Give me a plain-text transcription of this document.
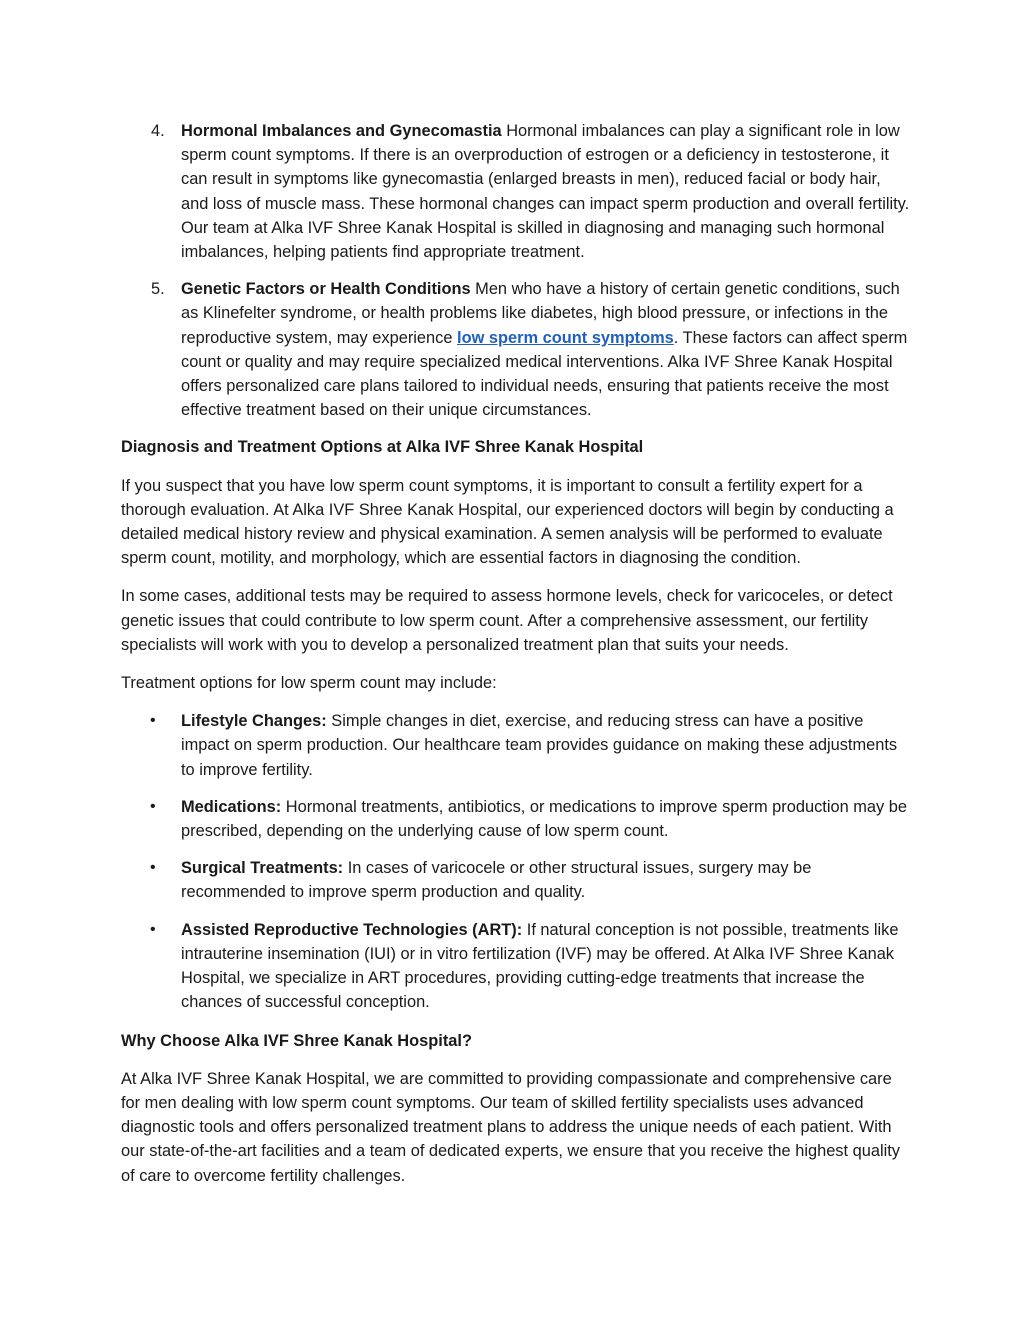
4. Hormonal Imbalances and Gynecomastia Hormonal imbalances can play a significant role in low sperm count symptoms. If there is an overproduction of estrogen or a deficiency in testosterone, it can result in symptoms like gynecomastia (enlarged breasts in men), reduced facial or body hair, and loss of muscle mass. These hormonal changes can impact sperm production and overall fertility. Our team at Alka IVF Shree Kanak Hospital is skilled in diagnosing and managing such hormonal imbalances, helping patients find appropriate treatment.
5. Genetic Factors or Health Conditions Men who have a history of certain genetic conditions, such as Klinefelter syndrome, or health problems like diabetes, high blood pressure, or infections in the reproductive system, may experience low sperm count symptoms. These factors can affect sperm count or quality and may require specialized medical interventions. Alka IVF Shree Kanak Hospital offers personalized care plans tailored to individual needs, ensuring that patients receive the most effective treatment based on their unique circumstances.
Diagnosis and Treatment Options at Alka IVF Shree Kanak Hospital

If you suspect that you have low sperm count symptoms, it is important to consult a fertility expert for a thorough evaluation. At Alka IVF Shree Kanak Hospital, our experienced doctors will begin by conducting a detailed medical history review and physical examination. A semen analysis will be performed to evaluate sperm count, motility, and morphology, which are essential factors in diagnosing the condition.

In some cases, additional tests may be required to assess hormone levels, check for varicoceles, or detect genetic issues that could contribute to low sperm count. After a comprehensive assessment, our fertility specialists will work with you to develop a personalized treatment plan that suits your needs.

Treatment options for low sperm count may include:

• Lifestyle Changes: Simple changes in diet, exercise, and reducing stress can have a positive impact on sperm production. Our healthcare team provides guidance on making these adjustments to improve fertility.
• Medications: Hormonal treatments, antibiotics, or medications to improve sperm production may be prescribed, depending on the underlying cause of low sperm count.
• Surgical Treatments: In cases of varicocele or other structural issues, surgery may be recommended to improve sperm production and quality.
• Assisted Reproductive Technologies (ART): If natural conception is not possible, treatments like intrauterine insemination (IUI) or in vitro fertilization (IVF) may be offered. At Alka IVF Shree Kanak Hospital, we specialize in ART procedures, providing cutting-edge treatments that increase the chances of successful conception.
Why Choose Alka IVF Shree Kanak Hospital?

At Alka IVF Shree Kanak Hospital, we are committed to providing compassionate and comprehensive care for men dealing with low sperm count symptoms. Our team of skilled fertility specialists uses advanced diagnostic tools and offers personalized treatment plans to address the unique needs of each patient. With our state-of-the-art facilities and a team of dedicated experts, we ensure that you receive the highest quality of care to overcome fertility challenges.
